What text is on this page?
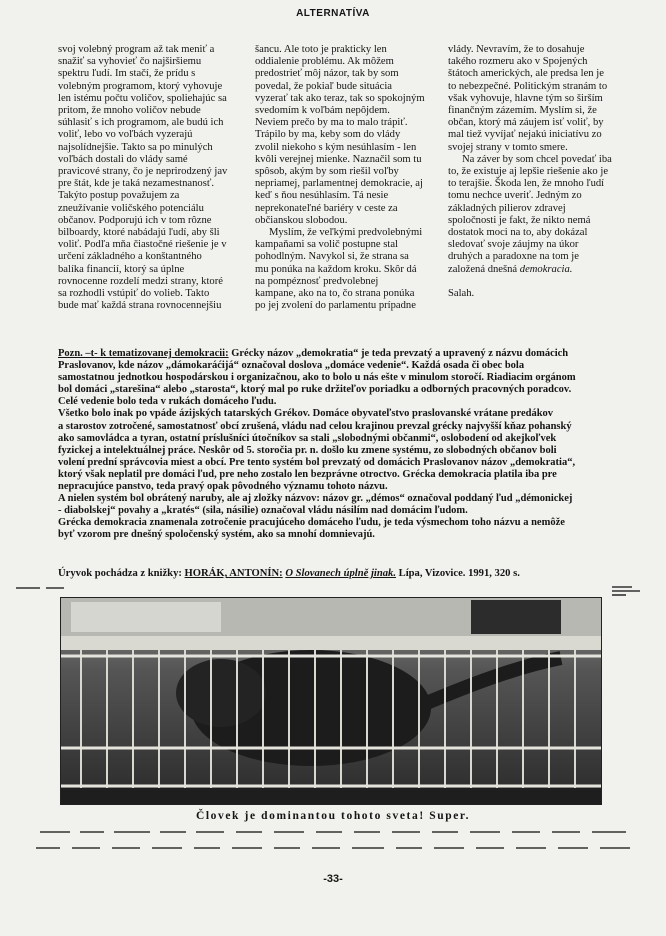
ALTERNATÍVA

svoj volebný program až tak meniť a
snažiť sa vyhovieť čo najširšiemu
spektru ľudí. Im stačí, že prídu s
volebným programom, ktorý vyhovuje
len istému počtu voličov, spoliehajúc sa
pritom, že mnoho voličov nebude
súhlasiť s ich programom, ale budú ich
voliť, lebo vo voľbách vyzerajú
najsolídnejšie. Takto sa po minulých
voľbách dostali do vlády samé
pravicové strany, čo je neprirodzený jav
pre štát, kde je taká nezamestnanosť.
Takýto postup považujem za
zneužívanie voličského potenciálu
občanov. Podporujú ich v tom rôzne
bilboardy, ktoré nabádajú ľudí, aby šli
voliť. Podľa mňa čiastočné riešenie je v
určení základného a konštantného
balíka financií, ktorý sa úplne
rovnocenne rozdelí medzi strany, ktoré
sa rozhodli vstúpiť do volieb. Takto
bude mať každá strana rovnocennejšiu

šancu. Ale toto je prakticky len
oddialenie problému. Ak môžem
predostrieť môj názor, tak by som
povedal, že pokiaľ bude situácia
vyzerať tak ako teraz, tak so spokojným
svedomím k voľbám nepôjdem.
Neviem prečo by ma to malo trápiť.
Trápilo by ma, keby som do vlády
zvolil niekoho s kým nesúhlasím - len
kvôli verejnej mienke. Naznačil som tu
spôsob, akým by som riešil voľby
nepriamej, parlamentnej demokracie, aj
keď s ňou nesúhlasím. Tá nesie
neprekonateľné bariéry v ceste za
občianskou slobodou.

Myslím, že veľkými predvolebnými
kampaňami sa volič postupne stal
pohodlným. Navykol si, že strana sa
mu ponúka na každom kroku. Skôr dá
na pompéznosť predvolebnej
kampane, ako na to, čo strana ponúka
po jej zvolení do parlamentu prípadne

vlády. Nevravím, že to dosahuje
takého rozmeru ako v Spojených
štátoch amerických, ale predsa len je
to nebezpečné. Politickým stranám to
však vyhovuje, hlavne tým so širším
finančným zázemím. Myslím si, že
občan, ktorý má záujem isť voliť, by
mal tiež vyvíjať nejakú iniciatívu zo
svojej strany v tomto smere.

Na záver by som chcel povedať iba
to, že existuje aj lepšie riešenie ako je
to terajšie. Škoda len, že mnoho ľudí
tomu nechce uveriť. Jedným zo
základných pilierov zdravej
spoločnosti je fakt, že nikto nemá
dostatok moci na to, aby dokázal
sledovať svoje záujmy na úkor
druhých a paradoxne na tom je
založená dnešná demokracia.

Salah.

Pozn. –t- k tematizovanej demokracii: Grécky názov „demokratia“ je teda prevzatý a upravený z názvu domácich
Praslovanov, kde názov „dámokaráćijá“ označoval doslova „domáce vedenie“. Každá osada či obec bola
samostatnou jednotkou hospodárskou i organizačnou, ako to bolo u nás ešte v minulom storočí. Riadiacim orgánom
bol domáci „starešina“ alebo „starosta“, ktorý mal po ruke držiteľov poriadku a odborných pracovných poradcov.
Celé vedenie bolo teda v rukách domáceho ľudu.
Všetko bolo inak po vpáde ázijských tatarských Grékov. Domáce obyvateľstvo praslovanské vrátane predákov
a starostov zotročené, samostatnosť obcí zrušená, vládu nad celou krajinou prevzal grécky najvyšší kňaz pohanský
ako samovládca a tyran, ostatní príslušníci útočníkov sa stali „slobodnými občanmi“, oslobodení od akejkoľvek
fyzickej a intelektuálnej práce. Neskôr od 5. storočia pr. n. došlo ku zmene systému, zo slobodných občanov boli
volení prední správcovia miest a obcí. Pre tento systém bol prevzatý od domácich Praslovanov názov „demokratia“,
ktorý však neplatil pre domáci ľud, pre neho zostalo len bezprávne otroctvo. Grécka demokracia platila iba pre
nepracujúce panstvo, teda pravý opak pôvodného významu tohoto názvu.
A nielen systém bol obrátený naruby, ale aj zložky názvov: názov gr. „démos“ označoval poddaný ľud „démonickej
- diabolskej“ povahy a „kratés“ (sila, násilie) označoval vládu násilím nad domácim ľudom.
Grécka demokracia znamenala zotročenie pracujúceho domáceho ľudu, je teda výsmechom toho názvu a nemôže
byť vzorom pre dnešný spoločenský systém, ako sa mnohí domnievajú.
Úryvok pochádza z knižky: HORÁK, ANTONÍN: O Slovanech úplně jinak. Lípa, Vizovice. 1991, 320 s.
Človek je dominantou tohoto sveta! Super.
-33-
